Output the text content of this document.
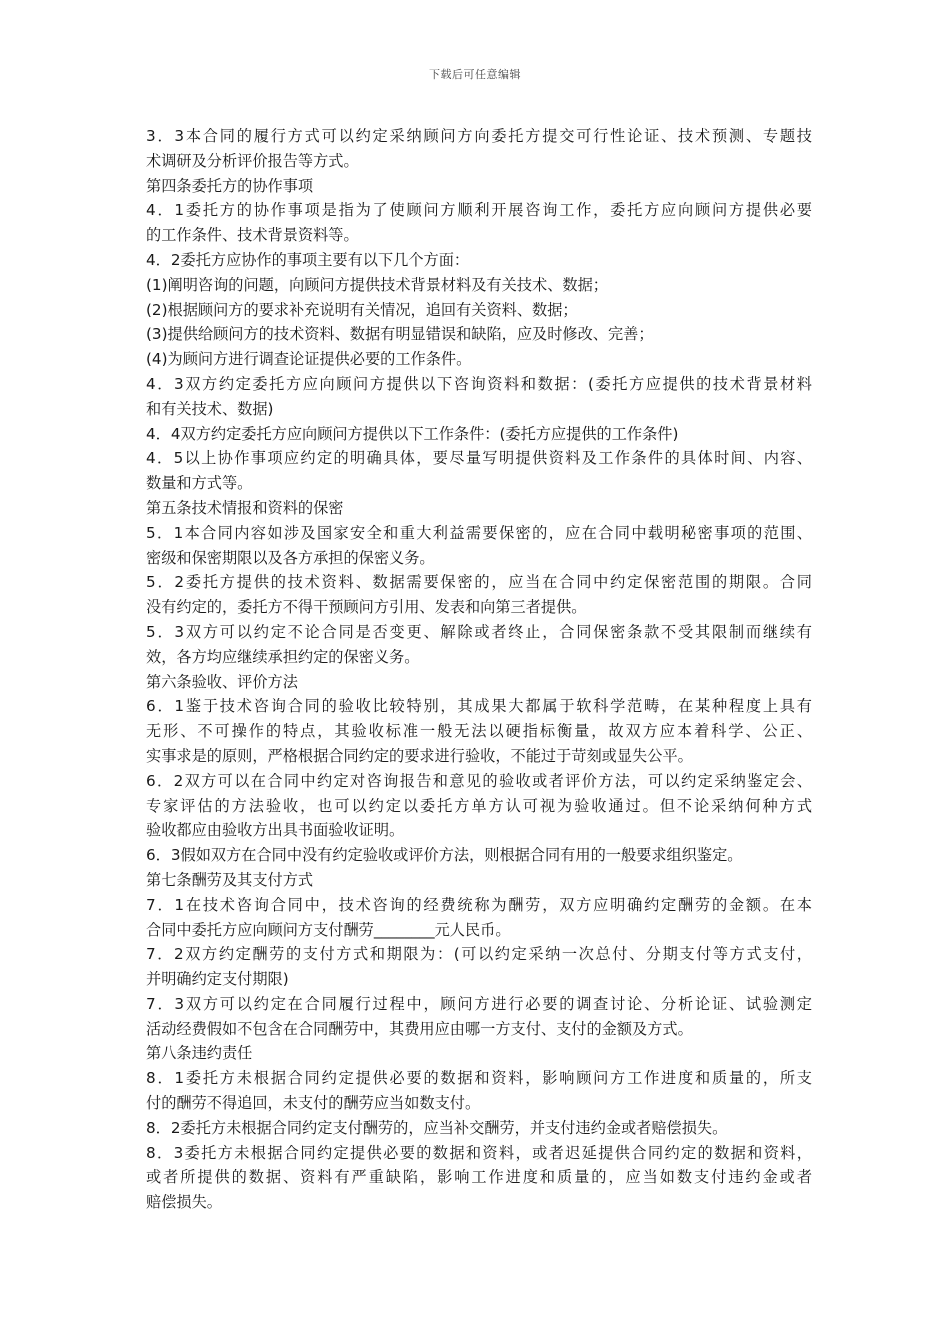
下载后可任意编辑
3．3本合同的履行方式可以约定采纳顾问方向委托方提交可行性论证、技术预测、专题技
术调研及分析评价报告等方式。
第四条委托方的协作事项
4．1委托方的协作事项是指为了使顾问方顺利开展咨询工作，委托方应向顾问方提供必要
的工作条件、技术背景资料等。
4．2委托方应协作的事项主要有以下几个方面：
(1)阐明咨询的问题，向顾问方提供技术背景材料及有关技术、数据；
(2)根据顾问方的要求补充说明有关情况，追回有关资料、数据；
(3)提供给顾问方的技术资料、数据有明显错误和缺陷，应及时修改、完善；
(4)为顾问方进行调查论证提供必要的工作条件。
4．3双方约定委托方应向顾问方提供以下咨询资料和数据：(委托方应提供的技术背景材料
和有关技术、数据)
4．4双方约定委托方应向顾问方提供以下工作条件：(委托方应提供的工作条件)
4．5以上协作事项应约定的明确具体，要尽量写明提供资料及工作条件的具体时间、内容、
数量和方式等。
第五条技术情报和资料的保密
5．1本合同内容如涉及国家安全和重大利益需要保密的，应在合同中载明秘密事项的范围、
密级和保密期限以及各方承担的保密义务。
5．2委托方提供的技术资料、数据需要保密的，应当在合同中约定保密范围的期限。合同
没有约定的，委托方不得干预顾问方引用、发表和向第三者提供。
5．3双方可以约定不论合同是否变更、解除或者终止，合同保密条款不受其限制而继续有
效，各方均应继续承担约定的保密义务。
第六条验收、评价方法
6．1鉴于技术咨询合同的验收比较特别，其成果大都属于软科学范畴，在某种程度上具有
无形、不可操作的特点，其验收标准一般无法以硬指标衡量，故双方应本着科学、公正、
实事求是的原则，严格根据合同约定的要求进行验收，不能过于苛刻或显失公平。
6．2双方可以在合同中约定对咨询报告和意见的验收或者评价方法，可以约定采纳鉴定会、
专家评估的方法验收，也可以约定以委托方单方认可视为验收通过。但不论采纳何种方式
验收都应由验收方出具书面验收证明。
6．3假如双方在合同中没有约定验收或评价方法，则根据合同有用的一般要求组织鉴定。
第七条酬劳及其支付方式
7．1在技术咨询合同中，技术咨询的经费统称为酬劳，双方应明确约定酬劳的金额。在本
合同中委托方应向顾问方支付酬劳________元人民币。
7．2双方约定酬劳的支付方式和期限为：(可以约定采纳一次总付、分期支付等方式支付，
并明确约定支付期限)
7．3双方可以约定在合同履行过程中，顾问方进行必要的调查讨论、分析论证、试验测定
活动经费假如不包含在合同酬劳中，其费用应由哪一方支付、支付的金额及方式。
第八条违约责任
8．1委托方未根据合同约定提供必要的数据和资料，影响顾问方工作进度和质量的，所支
付的酬劳不得追回，未支付的酬劳应当如数支付。
8．2委托方未根据合同约定支付酬劳的，应当补交酬劳，并支付违约金或者赔偿损失。
8．3委托方未根据合同约定提供必要的数据和资料，或者迟延提供合同约定的数据和资料，
或者所提供的数据、资料有严重缺陷，影响工作进度和质量的，应当如数支付违约金或者
赔偿损失。
